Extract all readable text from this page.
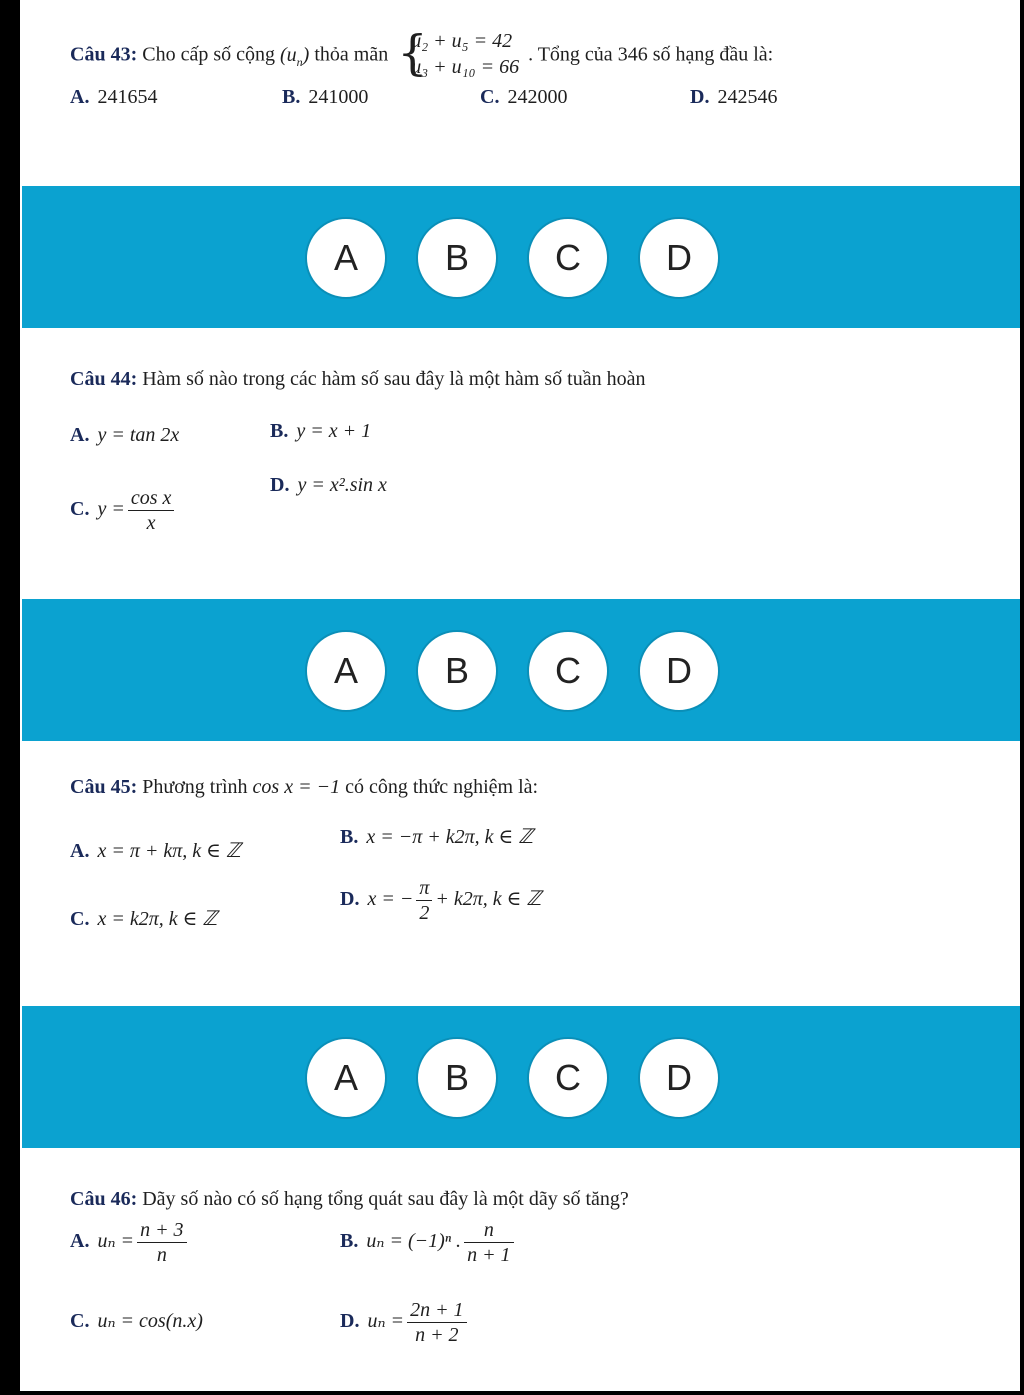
Câu 43: Cho cấp số cộng $(u_n)$ thỏa mãn {
u₂ + u₅ = 42
u₃ + u₁₀ = 66
. Tổng của 346 số hạng đầu là:
A. 241654	B. 241000	C. 242000	D. 242546
A	B	C	D
Câu 44: Hàm số nào trong các hàm số sau đây là một hàm số tuần hoàn
A. y = tan 2x	B. y = x + 1
D. y = x².sin x
C. $y = \frac{\text{cos x}}{x}$
A	B	C	D
Câu 45: Phương trình cos x = −1 có công thức nghiệm là:
A. x = π + kπ, k ∈ ℤ
B. x = −π + k2π, k ∈ ℤ
C. x = k2π, k ∈ ℤ
D. x = − $\frac{\pi}{2} + k2\pi$, k ∈ ℤ
A	B	C	D
Câu 46: Dãy số nào có số hạng tổng quát sau đây là một dãy số tăng?
A. $u_n = \frac{n + 3}{n}$	B. uₙ = (−1)ⁿ . $\frac{n}{n + 1}$
C. uₙ = cos(n.x)	D. $u_n = \frac{2n + 1}{n + 2}$
